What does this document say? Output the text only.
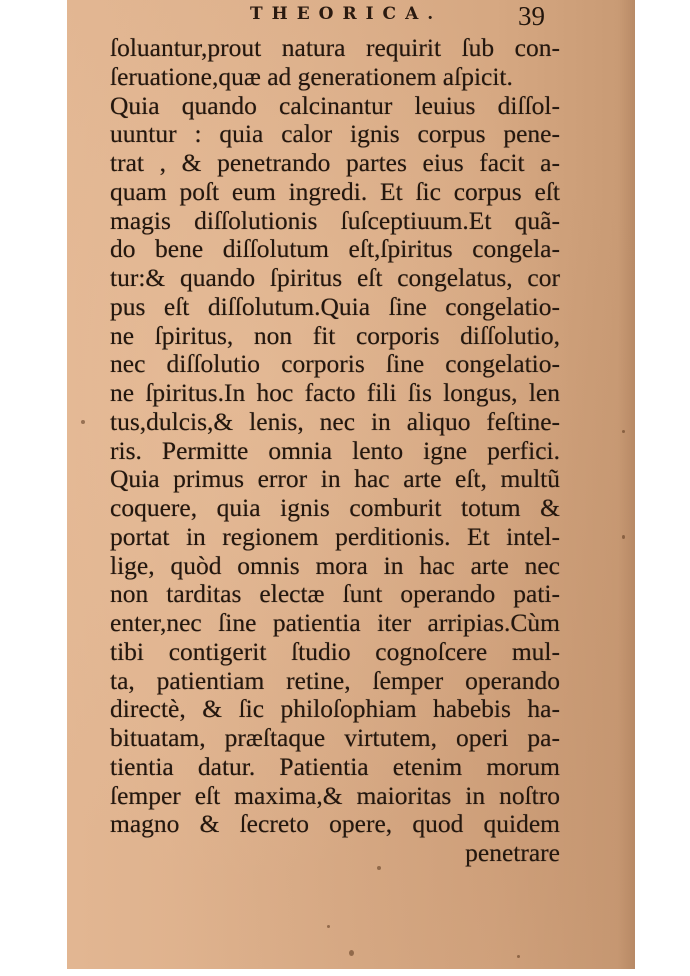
THEORICA.	39
ſoluantur,prout natura requirit ſub con-
ſeruatione,quæ ad generationem aſpicit.
Quia quando calcinantur leuius diſſol-
uuntur : quia calor ignis corpus pene-
trat , & penetrando partes eius facit a-
quam poſt eum ingredi. Et ſic corpus eſt
magis diſſolutionis ſuſceptiuum.Et quã-
do bene diſſolutum eſt,ſpiritus congela-
tur:& quando ſpiritus eſt congelatus, cor
pus eſt diſſolutum.Quia ſine congelatio-
ne ſpiritus, non fit corporis diſſolutio,
nec diſſolutio corporis ſine congelatio-
ne ſpiritus.In hoc facto fili ſis longus, len
tus,dulcis,& lenis, nec in aliquo feſtine-
ris. Permitte omnia lento igne perfici.
Quia primus error in hac arte eſt, multũ
coquere, quia ignis comburit totum &
portat in regionem perditionis. Et intel-
lige, quòd omnis mora in hac arte nec
non tarditas electæ ſunt operando pati-
enter,nec ſine patientia iter arripias.Cùm
tibi contigerit ſtudio cognoſcere mul-
ta, patientiam retine, ſemper operando
directè, & ſic philoſophiam habebis ha-
bituatam, præſtaque virtutem, operi pa-
tientia datur. Patientia etenim morum
ſemper eſt maxima,& maioritas in noſtro
magno & ſecreto opere, quod quidem
penetrare
